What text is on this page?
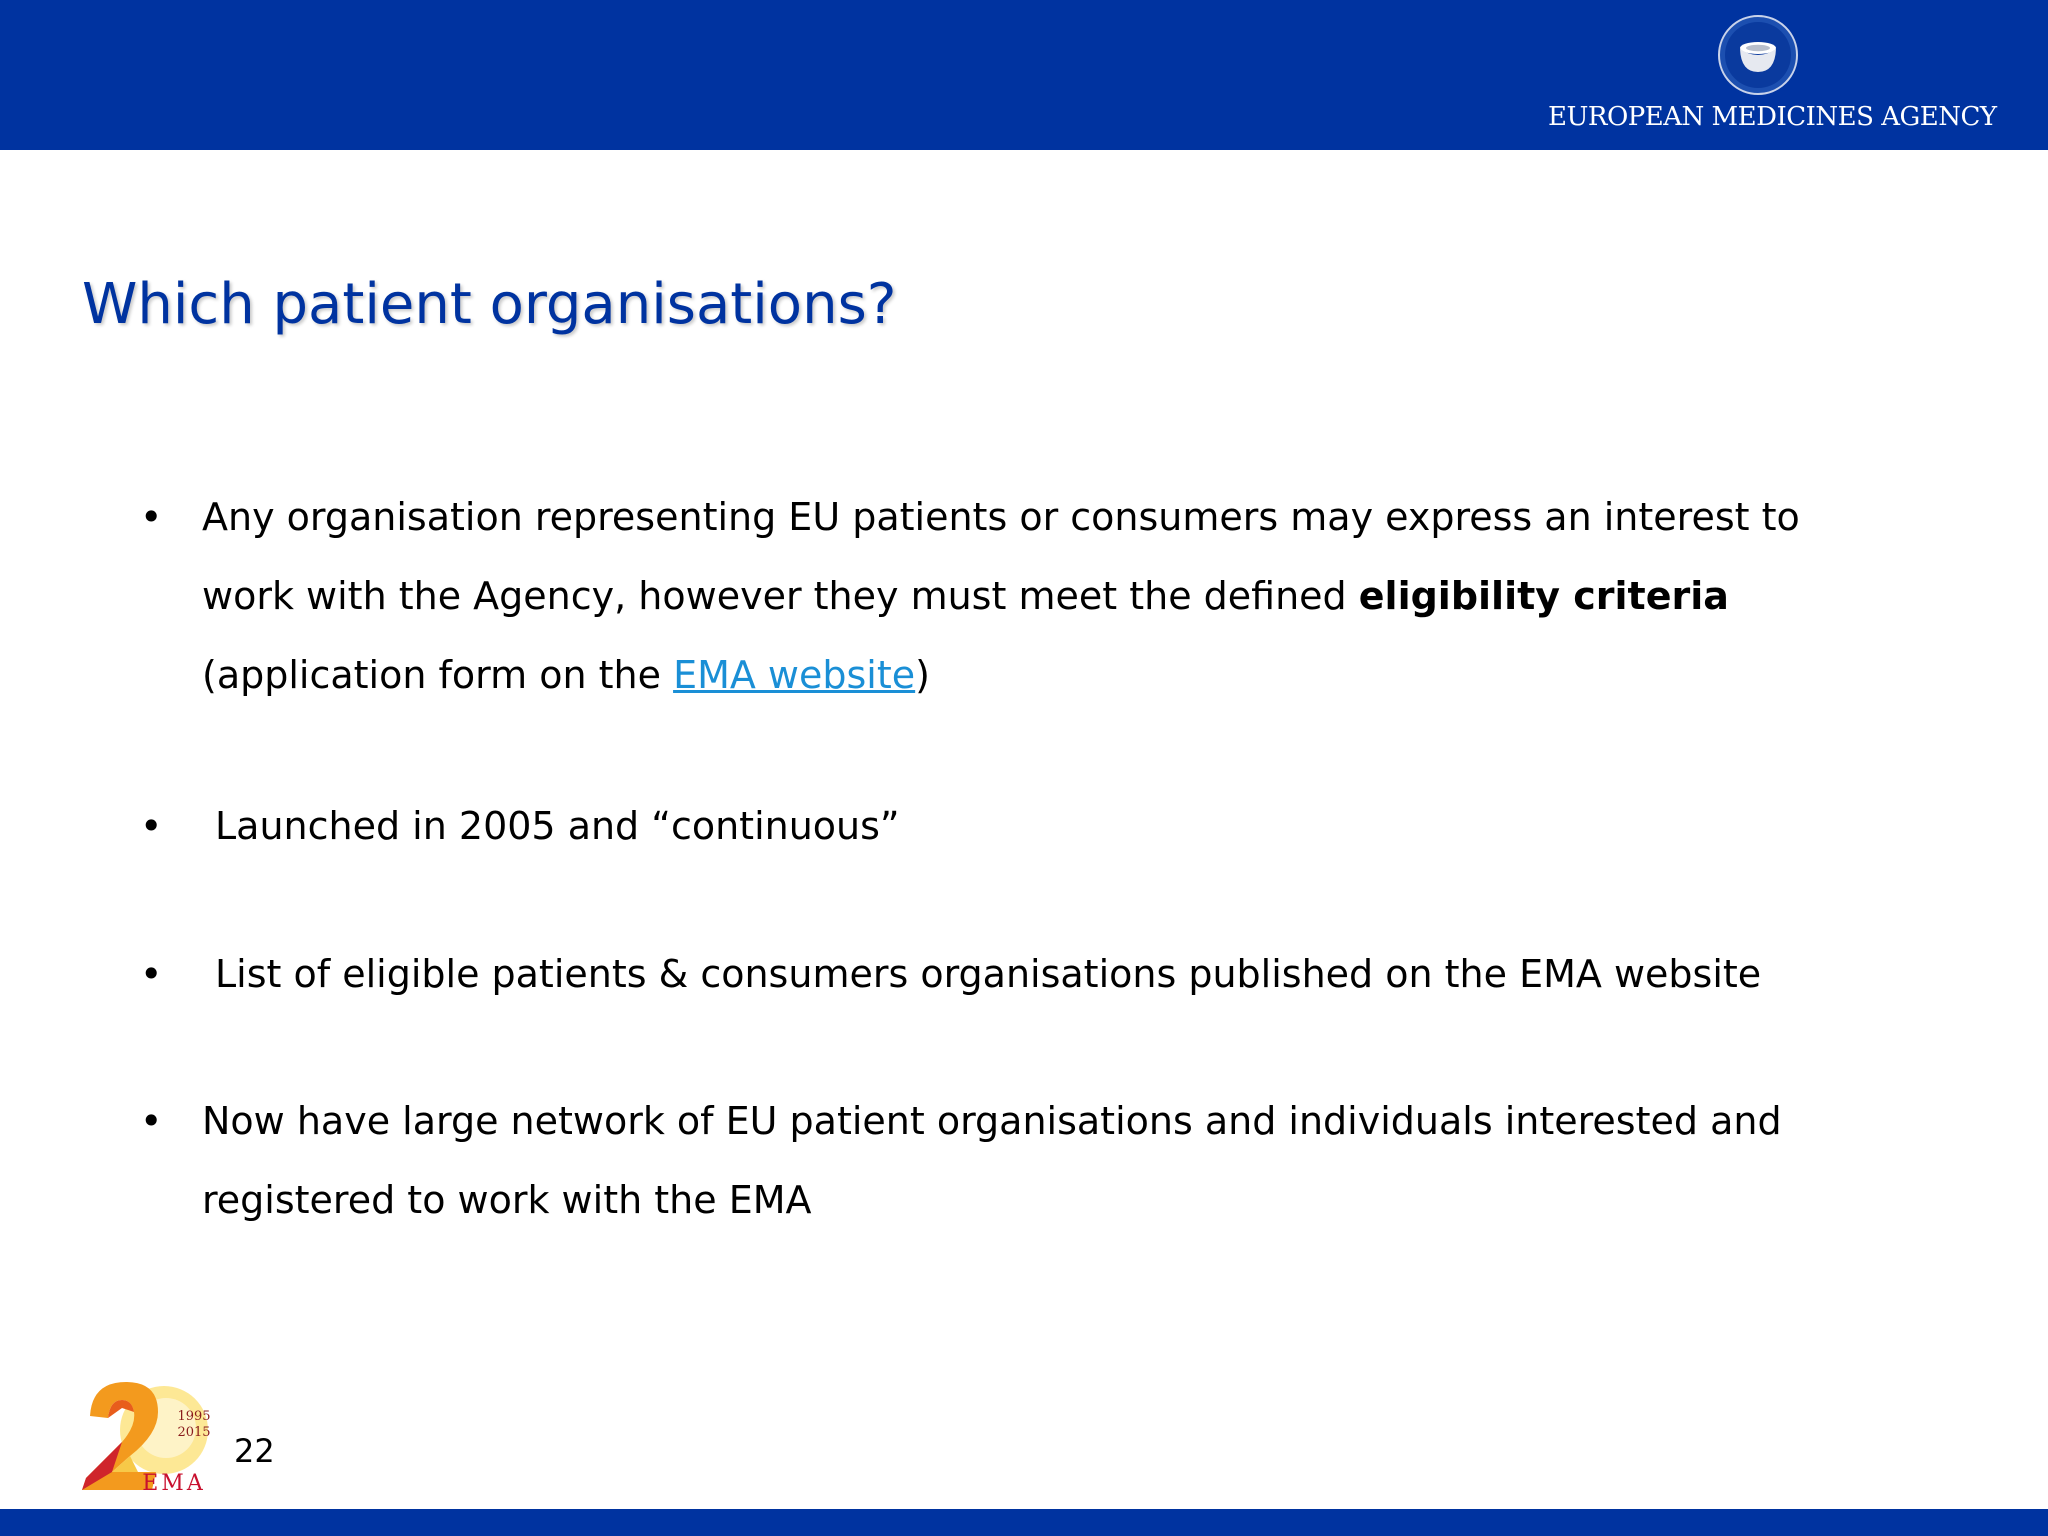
EUROPEAN MEDICINES AGENCY
Which patient organisations?
• Any organisation representing EU patients or consumers may express an interest to work with the Agency, however they must meet the defined eligibility criteria (application form on the EMA website)
• Launched in 2005 and “continuous”
• List of eligible patients & consumers organisations published on the EMA website
• Now have large network of EU patient organisations and individuals interested and registered to work with the EMA
1995
2015
EMA
22
